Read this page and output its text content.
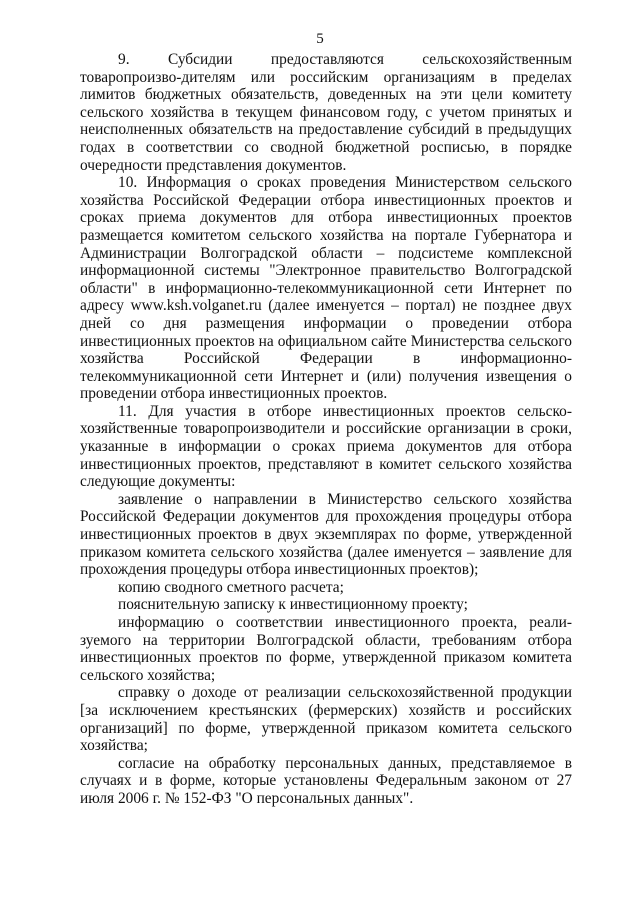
5

9. Субсидии предоставляются сельскохозяйственным товаропроизво-дителям или российским организациям в пределах лимитов бюджетных обязательств, доведенных на эти цели комитету сельского хозяйства в текущем финансовом году, с учетом принятых и неисполненных обязательств на предоставление субсидий в предыдущих годах в соответствии со сводной бюджетной росписью, в порядке очередности представления документов.

10. Информация о сроках проведения Министерством сельского хозяйства Российской Федерации отбора инвестиционных проектов и сроках приема документов для отбора инвестиционных проектов размещается комитетом сельского хозяйства на портале Губернатора и Администрации Волгоградской области – подсистеме комплексной информационной системы "Электронное правительство Волгоградской области" в информационно-телекоммуникационной сети Интернет по адресу www.ksh.volganet.ru (далее именуется – портал) не позднее двух дней со дня размещения информации о проведении отбора инвестиционных проектов на официальном сайте Министерства сельского хозяйства Российской Федерации в информационно-телекоммуникационной сети Интернет и (или) получения извещения о проведении отбора инвестиционных проектов.

11. Для участия в отборе инвестиционных проектов сельско-хозяйственные товаропроизводители и российские организации в сроки, указанные в информации о сроках приема документов для отбора инвестиционных проектов, представляют в комитет сельского хозяйства следующие документы:

заявление о направлении в Министерство сельского хозяйства Российской Федерации документов для прохождения процедуры отбора инвестиционных проектов в двух экземплярах по форме, утвержденной приказом комитета сельского хозяйства (далее именуется – заявление для прохождения процедуры отбора инвестиционных проектов);

копию сводного сметного расчета;

пояснительную записку к инвестиционному проекту;

информацию о соответствии инвестиционного проекта, реали-зуемого на территории Волгоградской области, требованиям отбора инвестиционных проектов по форме, утвержденной приказом комитета сельского хозяйства;

справку о доходе от реализации сельскохозяйственной продукции [за исключением крестьянских (фермерских) хозяйств и российских организаций] по форме, утвержденной приказом комитета сельского хозяйства;

согласие на обработку персональных данных, представляемое в случаях и в форме, которые установлены Федеральным законом от 27 июля 2006 г. № 152-ФЗ "О персональных данных".
